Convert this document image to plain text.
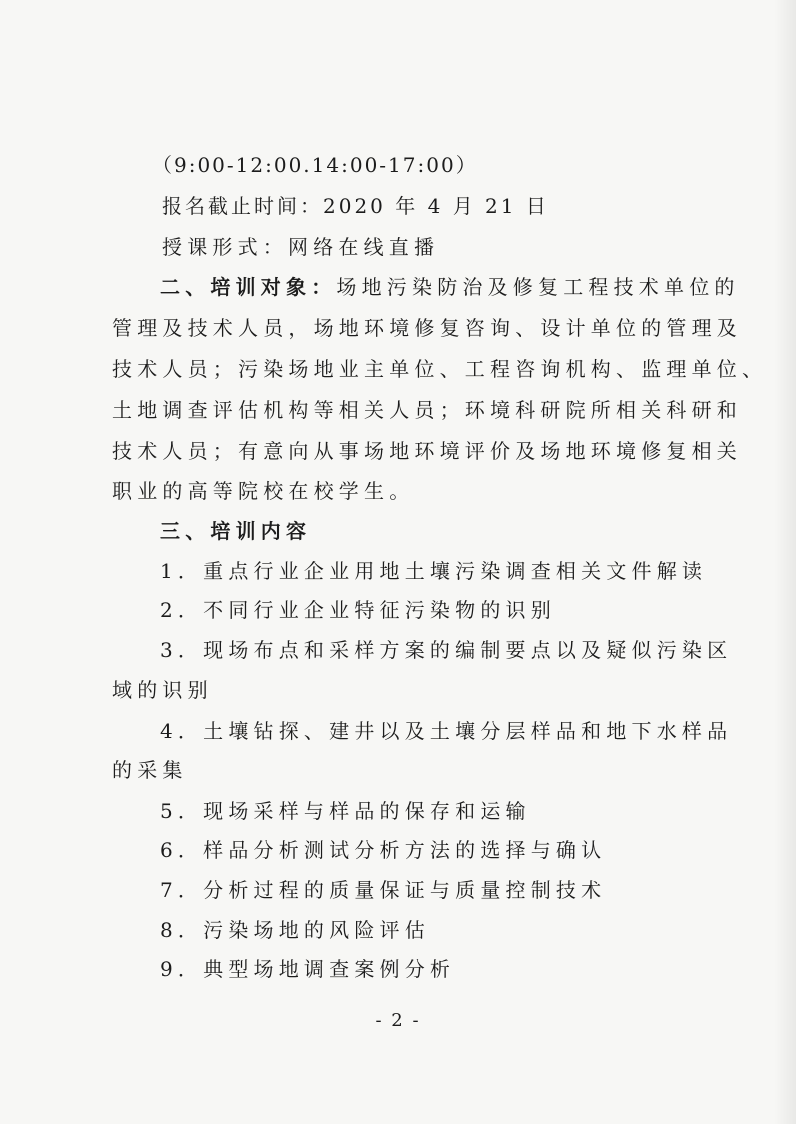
（9:00-12:00.14:00-17:00）
报名截止时间：2020 年 4 月 21 日
授课形式：网络在线直播
二、培训对象：场地污染防治及修复工程技术单位的
管理及技术人员，场地环境修复咨询、设计单位的管理及
技术人员；污染场地业主单位、工程咨询机构、监理单位、
土地调查评估机构等相关人员；环境科研院所相关科研和
技术人员；有意向从事场地环境评价及场地环境修复相关
职业的高等院校在校学生。
三、培训内容
1．重点行业企业用地土壤污染调查相关文件解读
2．不同行业企业特征污染物的识别
3．现场布点和采样方案的编制要点以及疑似污染区
域的识别
4．土壤钻探、建井以及土壤分层样品和地下水样品
的采集
5．现场采样与样品的保存和运输
6．样品分析测试分析方法的选择与确认
7．分析过程的质量保证与质量控制技术
8．污染场地的风险评估
9．典型场地调查案例分析
- 2 -
